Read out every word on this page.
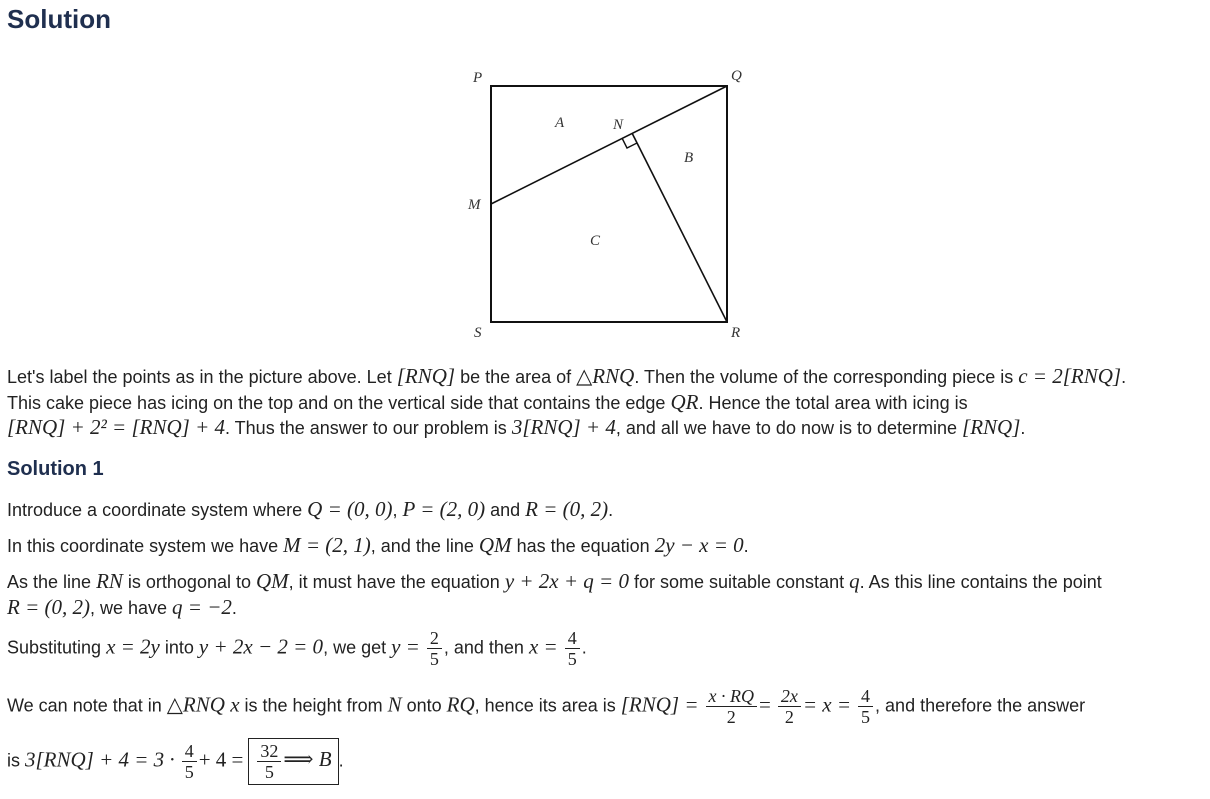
Solution
P	Q
M
S	R
N
A
B
C
Let's label the points as in the picture above. Let [RNQ] be the area of △RNQ. Then the volume of the corresponding piece is c = 2[RNQ].
This cake piece has icing on the top and on the vertical side that contains the edge QR. Hence the total area with icing is
[RNQ] + 2² = [RNQ] + 4. Thus the answer to our problem is 3[RNQ] + 4, and all we have to do now is to determine [RNQ].
Solution 1
Introduce a coordinate system where Q = (0, 0), P = (2, 0) and R = (0, 2).
In this coordinate system we have M = (2, 1), and the line QM has the equation 2y − x = 0.
As the line RN is orthogonal to QM, it must have the equation y + 2x + q = 0 for some suitable constant q. As this line contains the point
R = (0, 2), we have q = −2.
Substituting x = 2y into y + 2x − 2 = 0, we get $y = \frac{2}{5}$ , and then $x = \frac{4}{5}$ .
We can note that in △RNQ x is the height from N onto RQ, hence its area is $[RNQ] = \frac{x \cdot RQ}{2} = \frac{2x}{2} = x = \frac{4}{5}$ , and therefore the answer
is $3[RNQ] + 4 = 3 \cdot \frac{4}{5} + 4 = \frac{32}{5}$ ⟹ B .
